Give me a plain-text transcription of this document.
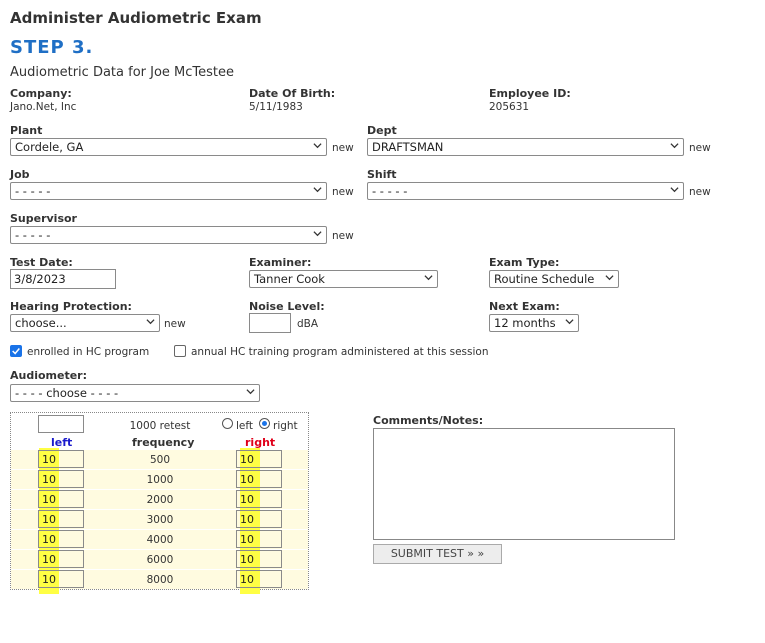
Administer Audiometric Exam
STEP 3.
Audiometric Data for Joe McTestee
Company:
Jano.Net, Inc
Date Of Birth:
5/11/1983
Employee ID:
205631
Plant
Cordele, GA	new
Dept
DRAFTSMAN	new
Job
- - - - -	new
Shift
- - - - -	new
Supervisor
- - - - -	new
Test Date:
3/8/2023
Examiner:
Tanner Cook
Exam Type:
Routine Schedule
Hearing Protection:
choose...	new
Noise Level:
dBA
Next Exam:
12 months
enrolled in HC program	annual HC training program administered at this session
Audiometer:
- - - - choose - - - -
1000 retest	left right
left	frequency	right
10	500	10
10	1000	10
10	2000	10
10	3000	10
10	4000	10
10	6000	10
10	8000	10
Comments/Notes:
SUBMIT TEST » »
